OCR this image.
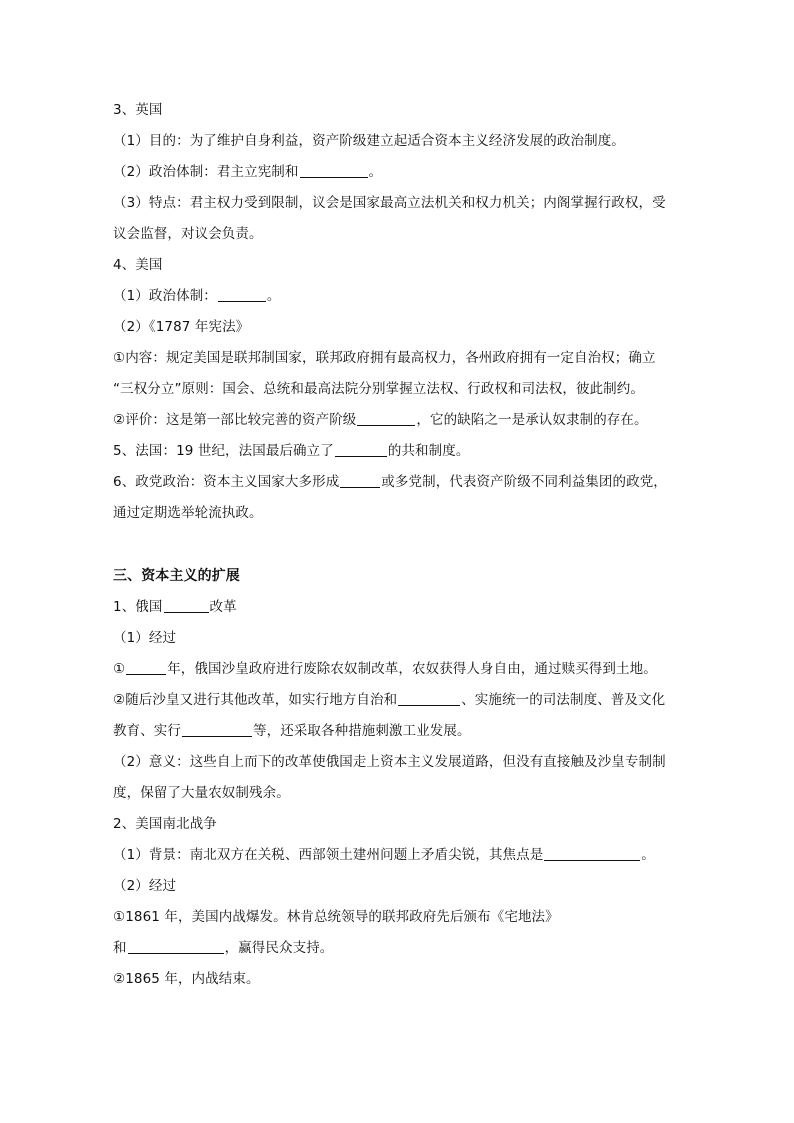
3、英国
（1）目的：为了维护自身利益，资产阶级建立起适合资本主义经济发展的政治制度。
（2）政治体制：君主立宪制和	。
（3）特点：君主权力受到限制，议会是国家最高立法机关和权力机关；内阁掌握行政权，受
议会监督，对议会负责。
4、美国
（1）政治体制：	。
（2）《1787 年宪法》
①内容：规定美国是联邦制国家，联邦政府拥有最高权力，各州政府拥有一定自治权；确立
“三权分立”原则：国会、总统和最高法院分别掌握立法权、行政权和司法权，彼此制约。
②评价：这是第一部比较完善的资产阶级	，它的缺陷之一是承认奴隶制的存在。
5、法国：19 世纪，法国最后确立了	的共和制度。
6、政党政治：资本主义国家大多形成	或多党制，代表资产阶级不同利益集团的政党，
通过定期选举轮流执政。
三、资本主义的扩展
1、俄国	改革
（1）经过
①	年，俄国沙皇政府进行废除农奴制改革，农奴获得人身自由，通过赎买得到土地。
②随后沙皇又进行其他改革，如实行地方自治和	、实施统一的司法制度、普及文化
教育、实行	等，还采取各种措施刺激工业发展。
（2）意义：这些自上而下的改革使俄国走上资本主义发展道路，但没有直接触及沙皇专制制
度，保留了大量农奴制残余。
2、美国南北战争
（1）背景：南北双方在关税、西部领土建州问题上矛盾尖锐，其焦点是	。
（2）经过
①1861 年，美国内战爆发。林肯总统领导的联邦政府先后颁布《宅地法》
和	，赢得民众支持。
②1865 年，内战结束。
